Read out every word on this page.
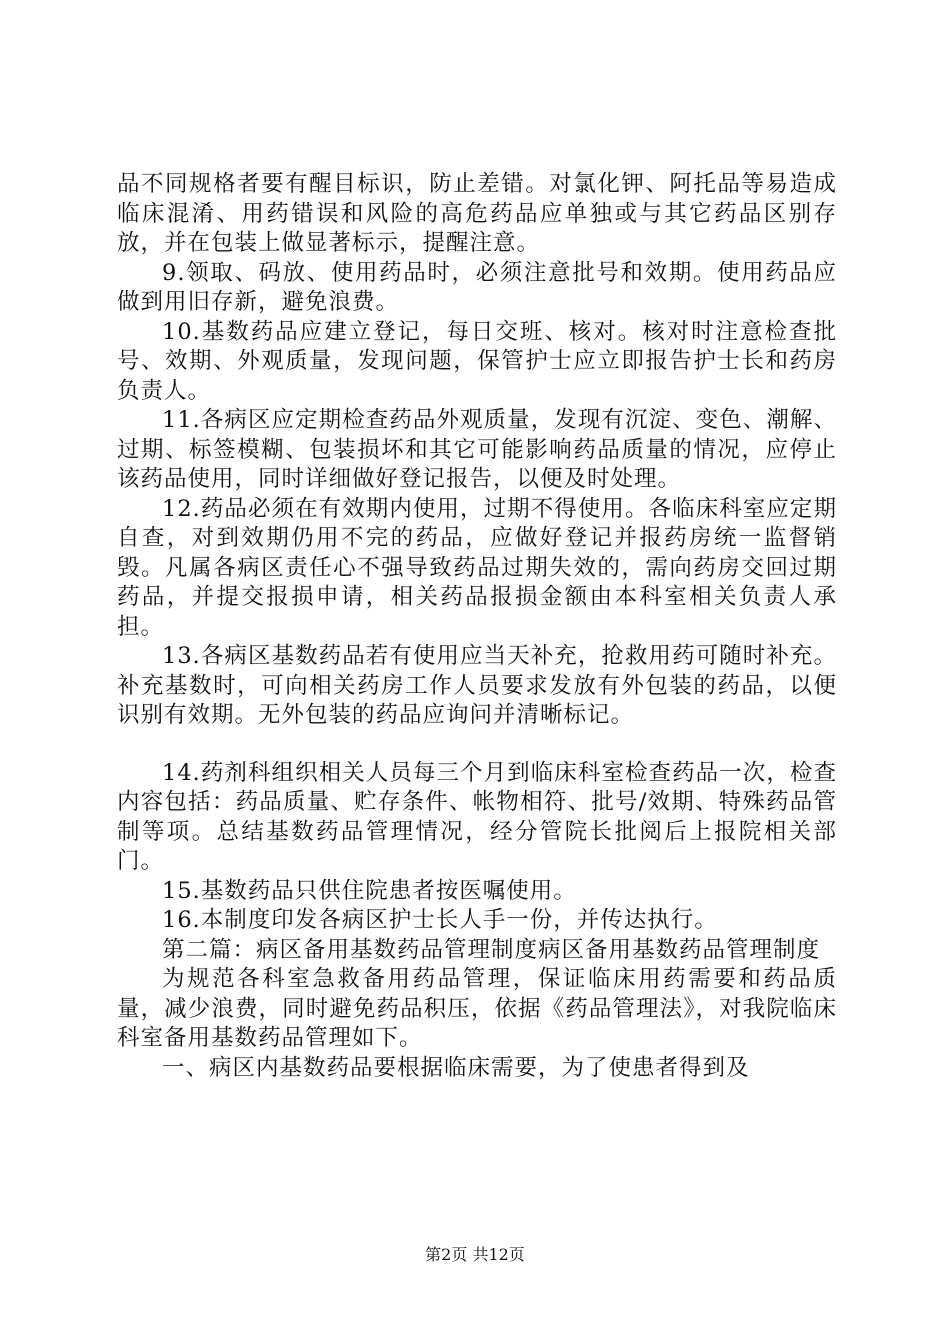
品不同规格者要有醒目标识，防止差错。对氯化钾、阿托品等易造成临床混淆、用药错误和风险的高危药品应单独或与其它药品区别存放，并在包装上做显著标示，提醒注意。

9.领取、码放、使用药品时，必须注意批号和效期。使用药品应做到用旧存新，避免浪费。

10.基数药品应建立登记，每日交班、核对。核对时注意检查批号、效期、外观质量，发现问题，保管护士应立即报告护士长和药房负责人。

11.各病区应定期检查药品外观质量，发现有沉淀、变色、潮解、过期、标签模糊、包装损坏和其它可能影响药品质量的情况，应停止该药品使用，同时详细做好登记报告，以便及时处理。

12.药品必须在有效期内使用，过期不得使用。各临床科室应定期自查，对到效期仍用不完的药品，应做好登记并报药房统一监督销毁。凡属各病区责任心不强导致药品过期失效的，需向药房交回过期药品，并提交报损申请，相关药品报损金额由本科室相关负责人承担。

13.各病区基数药品若有使用应当天补充，抢救用药可随时补充。补充基数时，可向相关药房工作人员要求发放有外包装的药品，以便识别有效期。无外包装的药品应询问并清晰标记。

14.药剂科组织相关人员每三个月到临床科室检查药品一次，检查内容包括：药品质量、贮存条件、帐物相符、批号/效期、特殊药品管制等项。总结基数药品管理情况，经分管院长批阅后上报院相关部门。

15.基数药品只供住院患者按医嘱使用。

16.本制度印发各病区护士长人手一份，并传达执行。

第二篇：病区备用基数药品管理制度病区备用基数药品管理制度

为规范各科室急救备用药品管理，保证临床用药需要和药品质量，减少浪费，同时避免药品积压，依据《药品管理法》，对我院临床科室备用基数药品管理如下。

一、病区内基数药品要根据临床需要，为了使患者得到及

第2页 共12页
